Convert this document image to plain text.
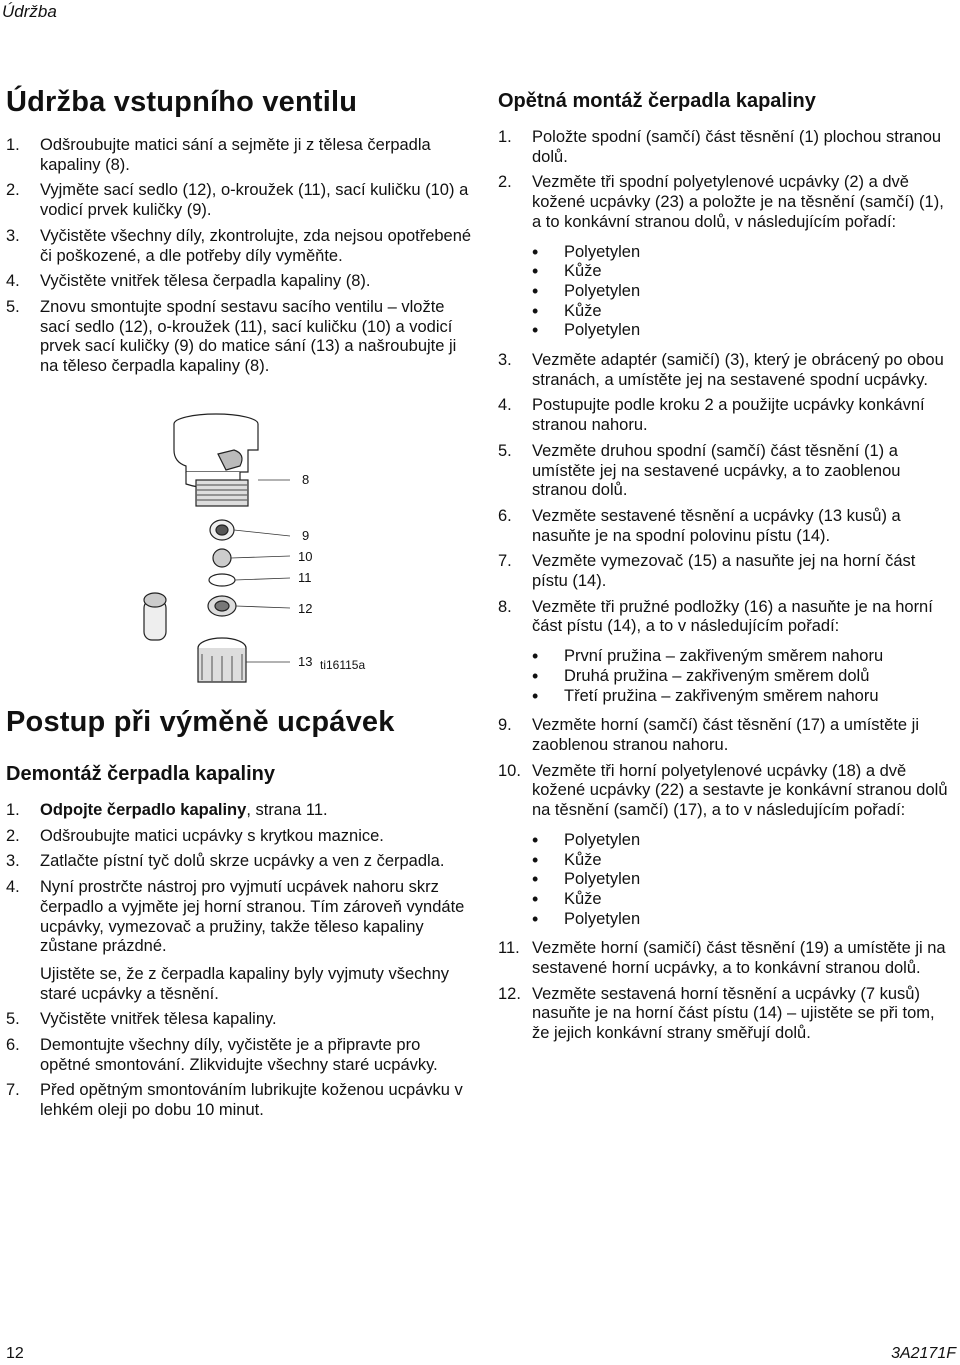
Údržba
12	3A2171F
Údržba vstupního ventilu
1. Odšroubujte matici sání a sejměte ji z tělesa čerpadla kapaliny (8).
2. Vyjměte sací sedlo (12), o-kroužek (11), sací kuličku (10) a vodicí prvek kuličky (9).
3. Vyčistěte všechny díly, zkontrolujte, zda nejsou opotřebené či poškozené, a dle potřeby díly vyměňte.
4. Vyčistěte vnitřek tělesa čerpadla kapaliny (8).
5. Znovu smontujte spodní sestavu sacího ventilu – vložte sací sedlo (12), o-kroužek (11), sací kuličku (10) a vodicí prvek sací kuličky (9) do matice sání (13) a našroubujte ji na těleso čerpadla kapaliny (8).
8
9
10
11
12
13 ti16115a
Postup při výměně ucpávek
Demontáž čerpadla kapaliny
1. Odpojte čerpadlo kapaliny, strana 11.
2. Odšroubujte matici ucpávky s krytkou maznice.
3. Zatlačte pístní tyč dolů skrze ucpávky a ven z čerpadla.
4. Nyní prostrčte nástroj pro vyjmutí ucpávek nahoru skrz čerpadlo a vyjměte jej horní stranou. Tím zároveň vyndáte ucpávky, vymezovač a pružiny, takže těleso kapaliny zůstane prázdné.
Ujistěte se, že z čerpadla kapaliny byly vyjmuty všechny staré ucpávky a těsnění.
5. Vyčistěte vnitřek tělesa kapaliny.
6. Demontujte všechny díly, vyčistěte je a připravte pro opětné smontování. Zlikvidujte všechny staré ucpávky.
7. Před opětným smontováním lubrikujte koženou ucpávku v lehkém oleji po dobu 10 minut.
Opětná montáž čerpadla kapaliny
1. Položte spodní (samčí) část těsnění (1) plochou stranou dolů.
2. Vezměte tři spodní polyetylenové ucpávky (2) a dvě kožené ucpávky (23) a položte je na těsnění (samčí) (1), a to konkávní stranou dolů, v následujícím pořadí:
• Polyetylen
• Kůže
• Polyetylen
• Kůže
• Polyetylen
3. Vezměte adaptér (samičí) (3), který je obrácený po obou stranách, a umístěte jej na sestavené spodní ucpávky.
4. Postupujte podle kroku 2 a použijte ucpávky konkávní stranou nahoru.
5. Vezměte druhou spodní (samčí) část těsnění (1) a umístěte jej na sestavené ucpávky, a to zaoblenou stranou dolů.
6. Vezměte sestavené těsnění a ucpávky (13 kusů) a nasuňte je na spodní polovinu pístu (14).
7. Vezměte vymezovač (15) a nasuňte jej na horní část pístu (14).
8. Vezměte tři pružné podložky (16) a nasuňte je na horní část pístu (14), a to v následujícím pořadí:
• První pružina – zakřiveným směrem nahoru
• Druhá pružina – zakřiveným směrem dolů
• Třetí pružina – zakřiveným směrem nahoru
9. Vezměte horní (samčí) část těsnění (17) a umístěte ji zaoblenou stranou nahoru.
10. Vezměte tři horní polyetylenové ucpávky (18) a dvě kožené ucpávky (22) a sestavte je konkávní stranou dolů na těsnění (samčí) (17), a to v následujícím pořadí:
• Polyetylen
• Kůže
• Polyetylen
• Kůže
• Polyetylen
11. Vezměte horní (samičí) část těsnění (19) a umístěte ji na sestavené horní ucpávky, a to konkávní stranou dolů.
12. Vezměte sestavená horní těsnění a ucpávky (7 kusů) nasuňte je na horní část pístu (14) – ujistěte se při tom, že jejich konkávní strany směřují dolů.
